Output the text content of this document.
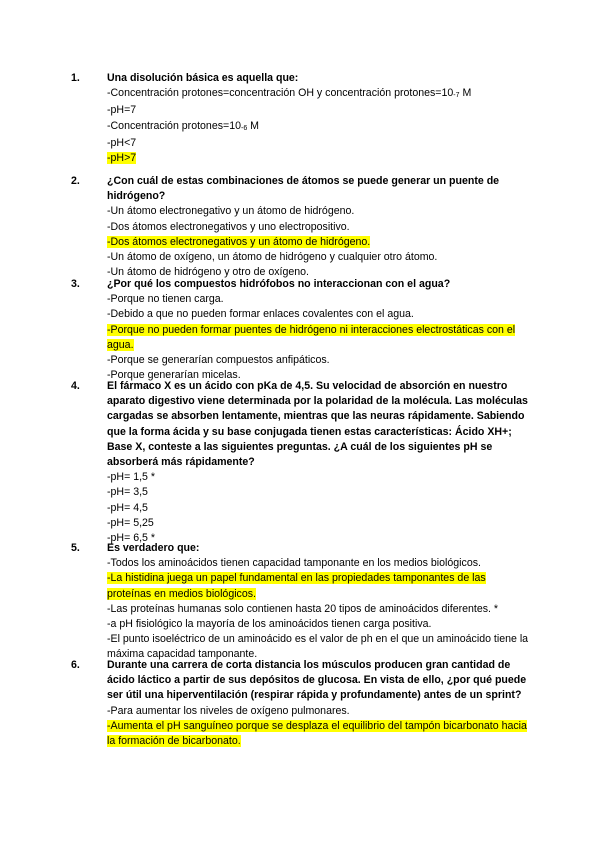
1.	Una disolución básica es aquella que:
-Concentración protones=concentración OH y concentración $protones=10_{-7}$ M
-pH=7
-Concentración $protones=10_{-6}$ M
-pH<7
-pH>7
2.	¿Con cuál de estas combinaciones de átomos se puede generar un puente de hidrógeno?
-Un átomo electronegativo y un átomo de hidrógeno.
-Dos átomos electronegativos y uno electropositivo.
-Dos átomos electronegativos y un átomo de hidrógeno.
-Un átomo de oxígeno, un átomo de hidrógeno y cualquier otro átomo.
-Un átomo de hidrógeno y otro de oxígeno.
3.	¿Por qué los compuestos hidrófobos no interaccionan con el agua?
-Porque no tienen carga.
-Debido a que no pueden formar enlaces covalentes con el agua.
-Porque no pueden formar puentes de hidrógeno ni interacciones electrostáticas con el agua.
-Porque se generarían compuestos anfipáticos.
-Porque generarían micelas.
4.	El fármaco X es un ácido con pKa de 4,5. Su velocidad de absorción en nuestro aparato digestivo viene determinada por la polaridad de la molécula. Las moléculas cargadas se absorben lentamente, mientras que las neuras rápidamente. Sabiendo que la forma ácida y su base conjugada tienen estas características: Ácido XH+; Base X, conteste a las siguientes preguntas. ¿A cuál de los siguientes pH se absorberá más rápidamente?
-pH= 1,5 *
-pH= 3,5
-pH= 4,5
-pH= 5,25
-pH= 6,5 *
5.	Es verdadero que:
-Todos los aminoácidos tienen capacidad tamponante en los medios biológicos.
-La histidina juega un papel fundamental en las propiedades tamponantes de las proteínas en medios biológicos.
-Las proteínas humanas solo contienen hasta 20 tipos de aminoácidos diferentes. *
-a pH fisiológico la mayoría de los aminoácidos tienen carga positiva.
-El punto isoeléctrico de un aminoácido es el valor de ph en el que un aminoácido tiene la máxima capacidad tamponante.
6.	Durante una carrera de corta distancia los músculos producen gran cantidad de ácido láctico a partir de sus depósitos de glucosa. En vista de ello, ¿por qué puede ser útil una hiperventilación (respirar rápida y profundamente) antes de un sprint?
-Para aumentar los niveles de oxígeno pulmonares.
-Aumenta el pH sanguíneo porque se desplaza el equilibrio del tampón bicarbonato hacia la formación de bicarbonato.
